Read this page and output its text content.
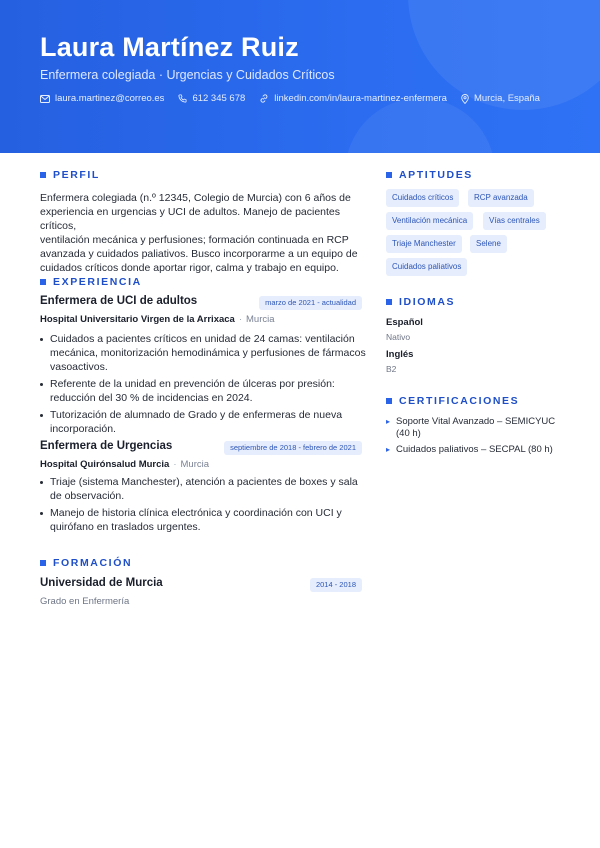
Laura Martínez Ruiz
Enfermera colegiada · Urgencias y Cuidados Críticos
laura.martinez@correo.es	612 345 678	linkedin.com/in/laura-martinez-enfermera	Murcia, España
PERFIL
Enfermera colegiada (n.º 12345, Colegio de Murcia) con 6 años de
experiencia en urgencias y UCI de adultos. Manejo de pacientes críticos,
ventilación mecánica y perfusiones; formación continuada en RCP
avanzada y cuidados paliativos. Busco incorporarme a un equipo de
cuidados críticos donde aportar rigor, calma y trabajo en equipo.
EXPERIENCIA
Enfermera de UCI de adultos	marzo de 2021 - actualidad
Hospital Universitario Virgen de la Arrixaca · Murcia
Cuidados a pacientes críticos en unidad de 24 camas: ventilación mecánica, monitorización hemodinámica y perfusiones de fármacos vasoactivos.
Referente de la unidad en prevención de úlceras por presión: reducción del 30 % de incidencias en 2024.
Tutorización de alumnado de Grado y de enfermeras de nueva incorporación.
Enfermera de Urgencias	septiembre de 2018 - febrero de 2021
Hospital Quirónsalud Murcia · Murcia
Triaje (sistema Manchester), atención a pacientes de boxes y sala de observación.
Manejo de historia clínica electrónica y coordinación con UCI y quirófano en traslados urgentes.
FORMACIÓN
Universidad de Murcia	2014 - 2018
Grado en Enfermería
APTITUDES
Cuidados críticos	RCP avanzada
Ventilación mecánica	Vías centrales
Triaje Manchester	Selene
Cuidados paliativos
IDIOMAS
Español
Nativo
Inglés
B2
CERTIFICACIONES
▸ Soporte Vital Avanzado – SEMICYUC (40 h)
▸ Cuidados paliativos – SECPAL (80 h)
